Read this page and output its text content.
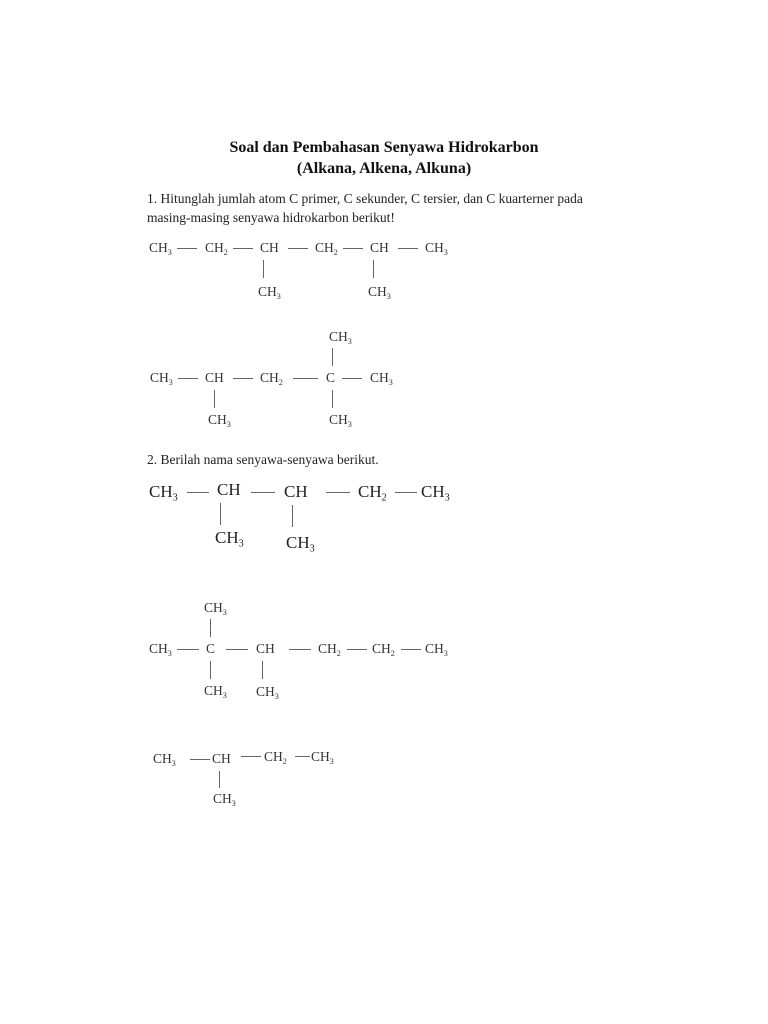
Soal dan Pembahasan Senyawa Hidrokarbon
(Alkana, Alkena, Alkuna)
1. Hitunglah jumlah atom C primer, C sekunder, C tersier, dan C kuarterner pada
masing-masing senyawa hidrokarbon berikut!
$CH_3$ $CH_2$ CH	$CH_2$ CH	$CH_3$
$CH_3$	$CH_3$
$CH_3$
$CH_3$ CH	$CH_2$	C	$CH_3$
$CH_3$	$CH_3$
2. Berilah nama senyawa-senyawa berikut.
$CH_3$ CH	CH	$CH_2$ $CH_3$
$CH_3$ $CH_3$
$CH_3$
$CH_3$	C	CH	$CH_2$ $CH_2$ $CH_3$
$CH_3$ $CH_3$
$CH_3$	CH $CH_2$ $CH_3$
$CH_3$
